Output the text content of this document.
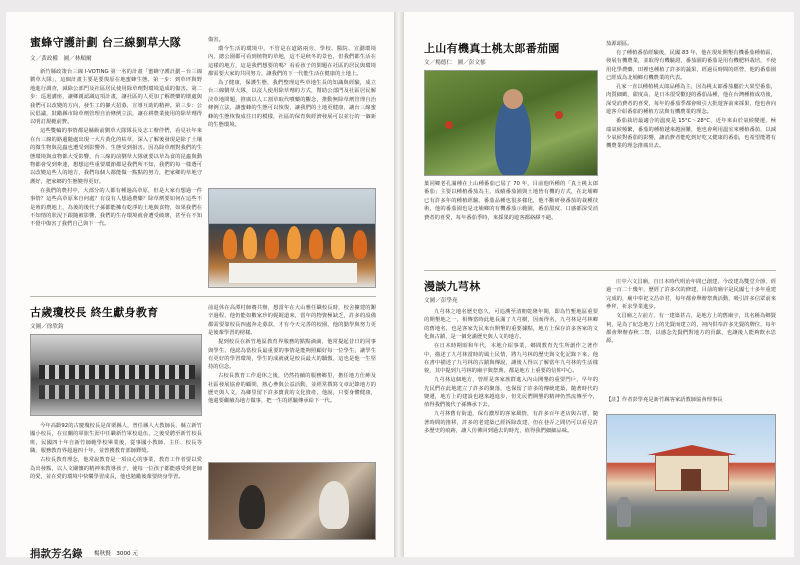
蜜蜂守護計劃 台三線劉草大隊
文／黃政權　圖／林順爾

新竹縣政策台三線 I-VOTING 第一名的計畫「蜜蜂守護計劃－台三線劉草大隊」，這個計畫主要是要復原在地蜜蜂生態。第一步：到草坪與野地進行調查，減除公部門及社區居民使用除草劑對環境造成的傷害。第二步：巡迴講座，讓鄉親認識這項計畫，讓社區的人更加了解農藥的壞處與我們可以改變的方向，發生工的擴大招募，宣導互助的精神。第三步：公民倡議，鼓勵縣市除草劑管理自治條例立法，讓在耕農業使用的除草劑得以明訂規範前費。

這些雙輪的事情都是縣級前劉草大隊隊長及志工辦伴們，看見社年來在台三線的路邊隨處出現一大片黃化的枯草，深入了解後發現是除了土壤的微生物與昆蟲也遭受到影響外，生態受到損害。因為除草劑對我們的生態環境與食物都大受影響，台三線的前劉草大隊就要以草為食的昆蟲與動物都會受到牽連，想想這些重要環節都是我們所不知，我們的每一樣選可以改變這些人的地方，我們每個人都能做一點點的努力，把家鄉的草地守護好，把家鄉的生態變得更好。

在我們的農村中，大部分的人都有種過高草原，但是大家有想過一件事情？這些高草原來自何處？有沒有人想過農藥？除草劑要如何在這些不是殖的農地上，為後的後代子孫都能擁有乾淨的土地與食物，如果我們在不知情的狀況下跟隨被影響，我們的生存環境就會遭受破壞，甚至在不知不覺中傷害了我們自己與下一代。

傷害。

環今生活的環境中，不管是在道路兩旁，學校、醫院、宣劃環境內，總公園都可看到植物的草地，這不是秋冬的景色，但我們都生活在這樣的地方，這是我們想要的嗎？看看孩子的問題在社區的居民與環境都需要大家的共同努力，讓我們的下一代能生活在健康的土地上。

為了健康，保護生態，我們整理這些草地生長的知識與經驗，成立台三線劉草大隊，以沒人使用除草劑的方式，幫助公部門及社區居民解決草地問題，推廣以人工割草取代噴藥的觀念，推動無除草劑管理自治條例立法，讓蜜蜂的生態可以恢復，讓我們的土地更健康，讓台三線蜜蜂的生態恢復成往日的模樣，社區的保育與經濟發展可以並行的一個新的生態環境。

古歲瓊校長 終生獻身教育
文圖／徐欣鈞

今年高齡92的古慶瓊校長是苗栗縣人，曾任縣人大教師長、縣立新竹國小校長，在宜蘭的軍旅生涯中任職新竹軍校退伍，之後受聘至新竹校長班，民國四十年自新竹師範學校畢業後，從事國小教師、主任、校長等職，服務教育界超過四十年，並曾獲教育部師鐸獎。

古校長教育理念，他常說教育是一項良心的事業，教育工作者要以愛為出發點，以人文關懷的精神來教導孩子，使每一位孩子都能感受到老師的愛，並在愛的環境中快樂學習成長，他也勉勵後輩要終身學習。

前退休在高潭村師賽共辦，想當年在大山雅任職校長時，校舍擴建的艱辛過程，他仍能如數家珍的娓娓道來，當年的物資極缺乏，許多的設備都需要靠校長四處奔走募款，才有今天完善的校園，他的勤學與努力更是後輩學習的榜樣。

提到校長在新竹地區教育界服務的點點滴滴，他常提起昔日的同事與學生，他認為當校長最重要的事情是能夠照顧好每一位學生，讓學生有更好的學習環境，學生的成就就是校長最大的驕傲，這也是他一生堅持的信念。

古校長教育工作退休之後，仍然持續的服務鄉里，擔任地方仕紳及社區發展協會的顧問，熱心參與公益活動，並經常撰寫文章記錄地方的歷史與人文，為鄉里留下許多寶貴的文化資產，他說，只要身體健康，他還要繼續為地方做事，把一生的經驗傳承給下一代。

捐款芳名錄 楊秋賢　3000 元
上山有機真土桃太郎番茄園
文／楊德仁　圖／彭文郁
葉同鄉老孔滿種在上山種番茄已屆了 70 年，目前他所種的「真土桃太郎番茄」主要以種植番茄為主，成績番茄園與土地皆有機的方式，在北埔鄉已有許多年的種植經驗，番茄品種也很多樣化，他不斷研發番茄的栽種技術，他的番茄園也是北埔鄉的有機番茄示範園，番茄甜度、口感都深受消費者的喜愛，每年番茄季時，來採果的遊客都絡繹不絕。

茄源頭區。

有了種植番茄經驗後，民國 83 年，他在現址開墾有機番茄種植區，發展有機農業，並取得有機驗證，番茄園的番茄是用有機肥料栽培，不使用化學農藥，田裡也種植了許多的蔬果，經過長時間的經營，他的番茄園已經成為北埔鄉有機農業的代表。

孔家一直以種植桃太郎品種為主，因為桃太郎番茄屬於大果型番茄，肉質細緻，甜度高，是日本很受歡迎的番茄品種，他在台灣種植成功後，深受消費者的喜愛，每年的番茄季都會吸引大批遊客前來採果，他也會向遊客介紹番茄的種植方法與有機農業的理念。

番茄栽培最適合的溫度是 15°C～28°C，近年來由於氣候變遷，極端氣候頻繁，番茄的種植越來越困難，他也會利用溫室來種植番茄，以減少氣候對番茄的影響，讓消費者能吃到好吃又健康的番茄，也希望能將有機農業的理念推廣出去。

漫談九芎林
文圖／彭學堯

九芎林之地名歷史悠久，可追溯至清朝乾隆年間，即為竹塹地區重要的開墾地之一，相傳當時此地長滿了九芎樹，因而得名，九芎林是芎林鄉的舊地名，也是客家先民來台開墾的重要據點，地方上保存許多客家的文化與古蹟，是一個充滿歷史與人文的地方。

在日本時期昭和年代，本地介紹事業，鄉間教育先生所創作之著作中，描述了九芎林當時的風土民情，將九芎林的歷史與文化記錄下來，他在書中描述了九芎林的古蹟與傳說，讓後人得以了解當年九芎林的生活樣貌，其中提到九芎林的廟宇與祭典，都是地方上重要的信仰中心。

九芎林這個地方，曾經是客家族群進入內山開墾的重要門戶，早年的先民們在此地建立了許多的聚落，也保留了許多的傳統建築，隨著時代的變遷，地方上的建設也越來越進步，但先民們開墾的精神仍然流傳至今，值得我們後代子孫傳承下去。

九芎林舊有街道，保有濃厚的客家風情，有許多百年老店與古厝，隨著時間的推移，許多的老建築已經拆除改建，但在巷弄之間仍可以看見許多歷史的痕跡，讓人彷彿回到過去的時光，值得我們細細品味。

庄中六文昌廟，自日本時代明治年間已創建，今改建為雙堂介節，經過一百二十幾年，歷經了許多次的修建，目前的廟宇是民國七十多年重建完成的，廟中奉祀文昌帝君，每年都會舉辦祭典活動，吸引許多信眾前來參拜，祈求學業進步。

文昌廟之左前方，有一建築甚古，是地方上的舊廟宇，其名稱為鄉賢祠，是為了紀念地方上的先賢而建立的，祠內供奉許多先賢的牌位，每年都會舉辦春秋二祭，以感念先賢們對地方的貢獻，也讓後人能夠飲水思源。

【註】作者彭學堯是新竹縣客家語教師協會理事長
